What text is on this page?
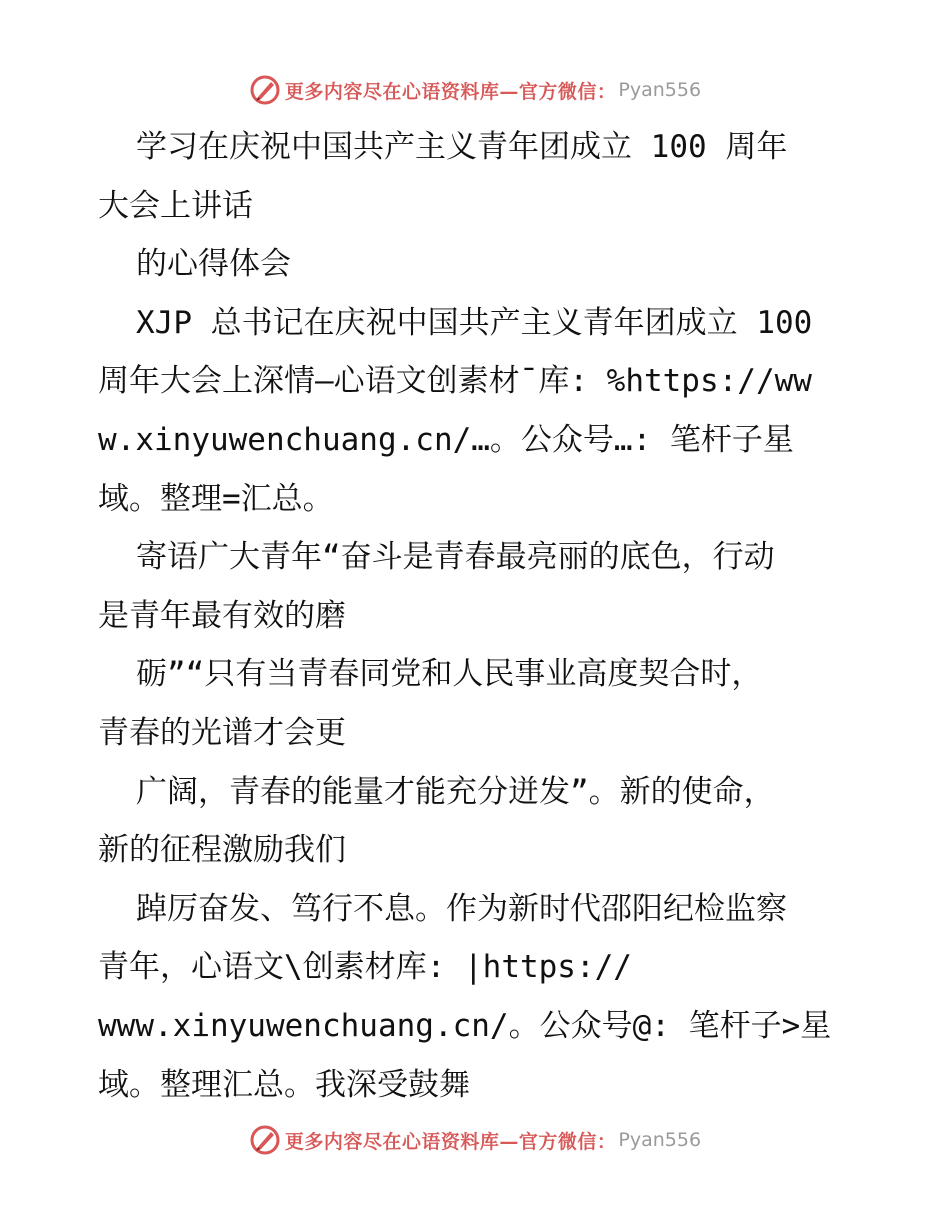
更多内容尽在心语资料库—官方微信： Pyan556
学习在庆祝中国共产主义青年团成立 100 周年
大会上讲话
的心得体会
XJP 总书记在庆祝中国共产主义青年团成立 100
周年大会上深情—心语文创素材¯库: %https://ww
w.xinyuwenchuang.cn/…。公众号…: 笔杆子星
域。整理=汇总。
寄语广大青年“奋斗是青春最亮丽的底色，行动
是青年最有效的磨
砺”“只有当青春同党和人民事业高度契合时，
青春的光谱才会更
广阔，青春的能量才能充分迸发”。新的使命，
新的征程激励我们
踔厉奋发、笃行不息。作为新时代邵阳纪检监察
青年，心语文\创素材库: |https://
www.xinyuwenchuang.cn/。公众号@: 笔杆子>星
域。整理汇总。我深受鼓舞
更多内容尽在心语资料库—官方微信： Pyan556
